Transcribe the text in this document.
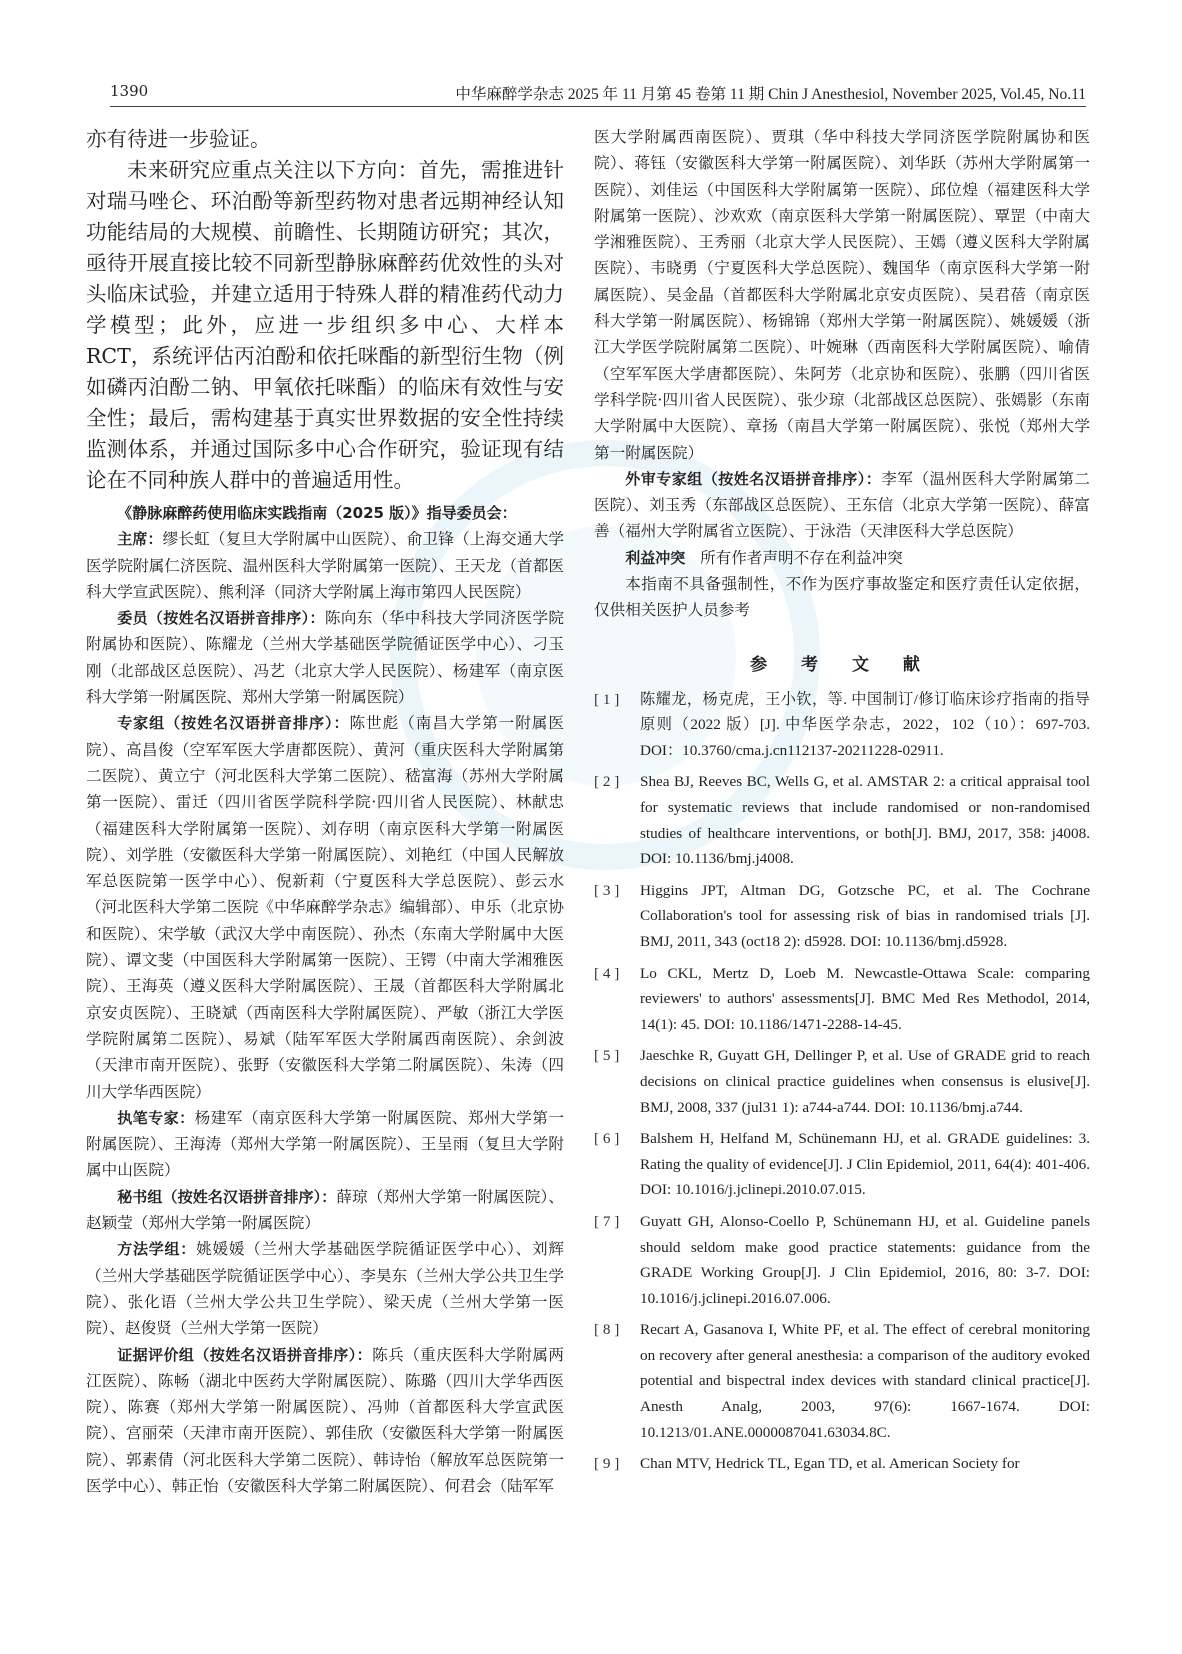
1390	中华麻醉学杂志 2025 年 11 月第 45 卷第 11 期 Chin J Anesthesiol, November 2025, Vol.45, No.11

亦有待进一步验证。

未来研究应重点关注以下方向：首先，需推进针对瑞马唑仑、环泊酚等新型药物对患者远期神经认知功能结局的大规模、前瞻性、长期随访研究；其次，亟待开展直接比较不同新型静脉麻醉药优效性的头对头临床试验，并建立适用于特殊人群的精准药代动力学模型；此外，应进一步组织多中心、大样本 RCT，系统评估丙泊酚和依托咪酯的新型衍生物（例如磷丙泊酚二钠、甲氧依托咪酯）的临床有效性与安全性；最后，需构建基于真实世界数据的安全性持续监测体系，并通过国际多中心合作研究，验证现有结论在不同种族人群中的普遍适用性。

《静脉麻醉药使用临床实践指南（2025 版）》指导委员会：

主席：缪长虹（复旦大学附属中山医院）、俞卫锋（上海交通大学医学院附属仁济医院、温州医科大学附属第一医院）、王天龙（首都医科大学宣武医院）、熊利泽（同济大学附属上海市第四人民医院）

委员（按姓名汉语拼音排序）：陈向东（华中科技大学同济医学院附属协和医院）、陈耀龙（兰州大学基础医学院循证医学中心）、刁玉刚（北部战区总医院）、冯艺（北京大学人民医院）、杨建军（南京医科大学第一附属医院、郑州大学第一附属医院）

专家组（按姓名汉语拼音排序）：陈世彪（南昌大学第一附属医院）、高昌俊（空军军医大学唐都医院）、黄河（重庆医科大学附属第二医院）、黄立宁（河北医科大学第二医院）、嵇富海（苏州大学附属第一医院）、雷迁（四川省医学院科学院·四川省人民医院）、林献忠（福建医科大学附属第一医院）、刘存明（南京医科大学第一附属医院）、刘学胜（安徽医科大学第一附属医院）、刘艳红（中国人民解放军总医院第一医学中心）、倪新莉（宁夏医科大学总医院）、彭云水（河北医科大学第二医院《中华麻醉学杂志》编辑部）、申乐（北京协和医院）、宋学敏（武汉大学中南医院）、孙杰（东南大学附属中大医院）、谭文斐（中国医科大学附属第一医院）、王锷（中南大学湘雅医院）、王海英（遵义医科大学附属医院）、王晟（首都医科大学附属北京安贞医院）、王晓斌（西南医科大学附属医院）、严敏（浙江大学医学院附属第二医院）、易斌（陆军军医大学附属西南医院）、余剑波（天津市南开医院）、张野（安徽医科大学第二附属医院）、朱涛（四川大学华西医院）

执笔专家：杨建军（南京医科大学第一附属医院、郑州大学第一附属医院）、王海涛（郑州大学第一附属医院）、王呈雨（复旦大学附属中山医院）

秘书组（按姓名汉语拼音排序）：薛琼（郑州大学第一附属医院）、赵颖莹（郑州大学第一附属医院）

方法学组：姚媛媛（兰州大学基础医学院循证医学中心）、刘辉（兰州大学基础医学院循证医学中心）、李昊东（兰州大学公共卫生学院）、张化语（兰州大学公共卫生学院）、梁天虎（兰州大学第一医院）、赵俊贤（兰州大学第一医院）

证据评价组（按姓名汉语拼音排序）：陈兵（重庆医科大学附属两江医院）、陈畅（湖北中医药大学附属医院）、陈璐（四川大学华西医院）、陈赛（郑州大学第一附属医院）、冯帅（首都医科大学宣武医院）、宫丽荣（天津市南开医院）、郭佳欣（安徽医科大学第一附属医院）、郭素倩（河北医科大学第二医院）、韩诗怡（解放军总医院第一医学中心）、韩正怡（安徽医科大学第二附属医院）、何君会（陆军军

医大学附属西南医院）、贾琪（华中科技大学同济医学院附属协和医院）、蒋钰（安徽医科大学第一附属医院）、刘华跃（苏州大学附属第一医院）、刘佳运（中国医科大学附属第一医院）、邱位煌（福建医科大学附属第一医院）、沙欢欢（南京医科大学第一附属医院）、覃罡（中南大学湘雅医院）、王秀丽（北京大学人民医院）、王嫣（遵义医科大学附属医院）、韦晓勇（宁夏医科大学总医院）、魏国华（南京医科大学第一附属医院）、吴金晶（首都医科大学附属北京安贞医院）、吴君蓓（南京医科大学第一附属医院）、杨锦锦（郑州大学第一附属医院）、姚媛媛（浙江大学医学院附属第二医院）、叶婉琳（西南医科大学附属医院）、喻倩（空军军医大学唐都医院）、朱阿芳（北京协和医院）、张鹏（四川省医学科学院·四川省人民医院）、张少琼（北部战区总医院）、张嫣影（东南大学附属中大医院）、章扬（南昌大学第一附属医院）、张悦（郑州大学第一附属医院）

外审专家组（按姓名汉语拼音排序）：李军（温州医科大学附属第二医院）、刘玉秀（东部战区总医院）、王东信（北京大学第一医院）、薛富善（福州大学附属省立医院）、于泳浩（天津医科大学总医院）

利益冲突 所有作者声明不存在利益冲突

本指南不具备强制性，不作为医疗事故鉴定和医疗责任认定依据，仅供相关医护人员参考

参 考 文 献
[ 1 ]	陈耀龙，杨克虎，王小钦，等. 中国制订/修订临床诊疗指南的指导原则（2022 版）[J]. 中华医学杂志，2022，102（10）：697-703. DOI：10.3760/cma.j.cn112137-20211228-02911.
[ 2 ]	Shea BJ, Reeves BC, Wells G, et al. AMSTAR 2: a critical appraisal tool for systematic reviews that include randomised or non-randomised studies of healthcare interventions, or both[J]. BMJ, 2017, 358: j4008. DOI: 10.1136/bmj.j4008.
[ 3 ]	Higgins JPT, Altman DG, Gotzsche PC, et al. The Cochrane Collaboration's tool for assessing risk of bias in randomised trials [J]. BMJ, 2011, 343 (oct18 2): d5928. DOI: 10.1136/bmj.d5928.
[ 4 ]	Lo CKL, Mertz D, Loeb M. Newcastle-Ottawa Scale: comparing reviewers' to authors' assessments[J]. BMC Med Res Methodol, 2014, 14(1): 45. DOI: 10.1186/1471-2288-14-45.
[ 5 ]	Jaeschke R, Guyatt GH, Dellinger P, et al. Use of GRADE grid to reach decisions on clinical practice guidelines when consensus is elusive[J]. BMJ, 2008, 337 (jul31 1): a744-a744. DOI: 10.1136/bmj.a744.
[ 6 ]	Balshem H, Helfand M, Schünemann HJ, et al. GRADE guidelines: 3. Rating the quality of evidence[J]. J Clin Epidemiol, 2011, 64(4): 401-406. DOI: 10.1016/j.jclinepi.2010.07.015.
[ 7 ]	Guyatt GH, Alonso-Coello P, Schünemann HJ, et al. Guideline panels should seldom make good practice statements: guidance from the GRADE Working Group[J]. J Clin Epidemiol, 2016, 80: 3-7. DOI: 10.1016/j.jclinepi.2016.07.006.
[ 8 ]	Recart A, Gasanova I, White PF, et al. The effect of cerebral monitoring on recovery after general anesthesia: a comparison of the auditory evoked potential and bispectral index devices with standard clinical practice[J]. Anesth Analg, 2003, 97(6): 1667-1674. DOI: 10.1213/01.ANE.0000087041.63034.8C.
[ 9 ]	Chan MTV, Hedrick TL, Egan TD, et al. American Society for
